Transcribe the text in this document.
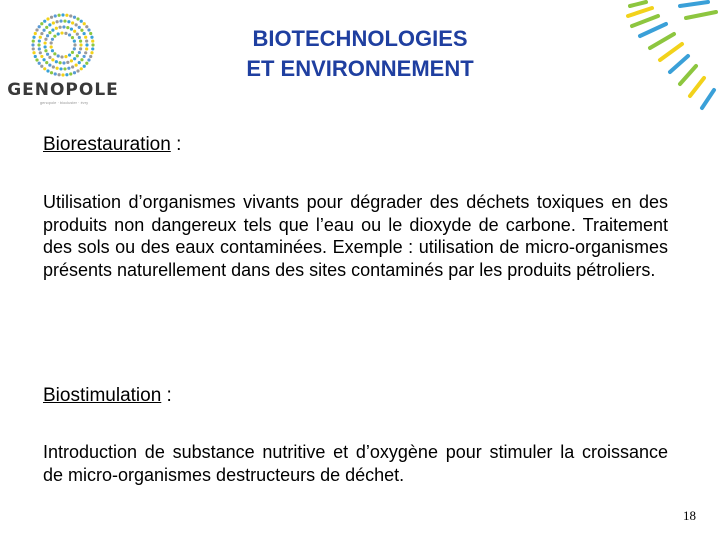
GENOPOLE
genopole · biocluster · évry
BIOTECHNOLOGIES
ET ENVIRONNEMENT
Biorestauration :
Utilisation d’organismes vivants pour dégrader des déchets toxiques en des produits non dangereux tels que l’eau ou le dioxyde de carbone. Traitement des sols ou des eaux contaminées. Exemple : utilisation de micro-organismes présents naturellement dans des sites contaminés par les produits pétroliers.
Biostimulation :
Introduction de substance nutritive et d’oxygène pour stimuler la croissance de micro-organismes destructeurs de déchet.
18
